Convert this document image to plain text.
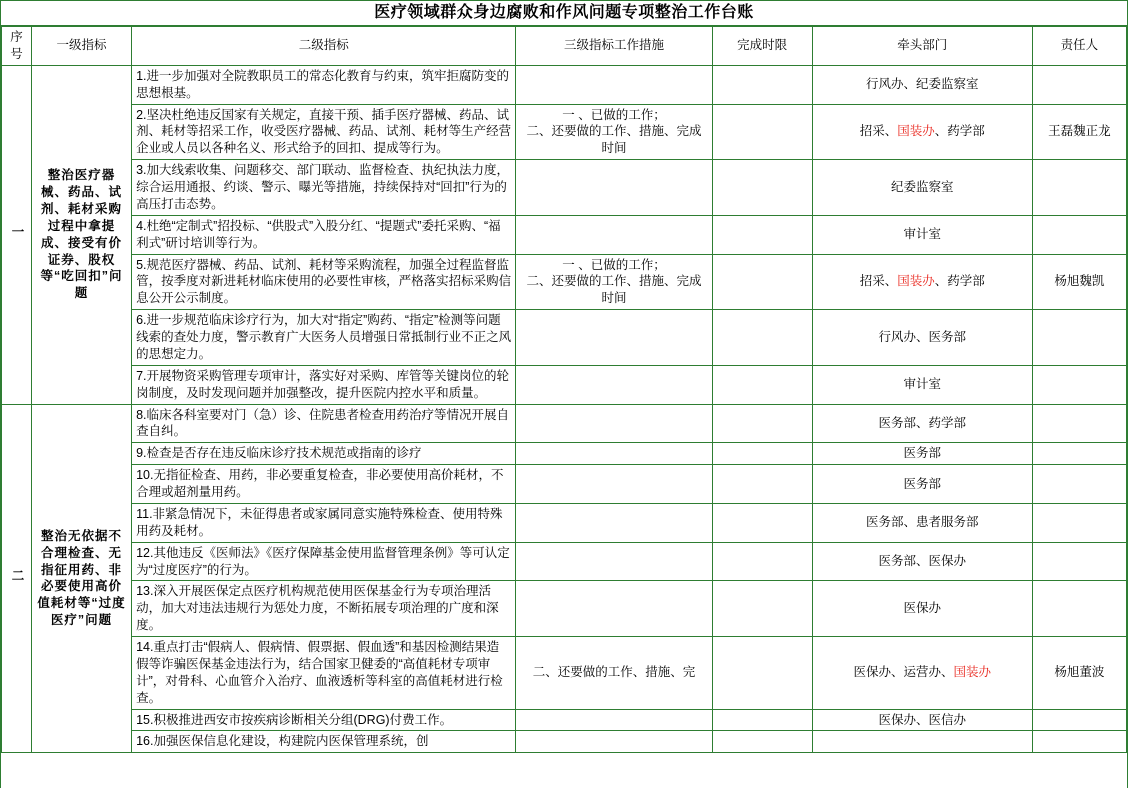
医疗领域群众身边腐败和作风问题专项整治工作台账
序号	一级指标	二级指标	三级指标工作措施	完成时限	牵头部门	责任人
一	整治医疗器械、药品、试剂、耗材采购过程中拿提成、接受有价证券、股权等“吃回扣”问题	1.进一步加强对全院教职员工的常态化教育与约束，筑牢拒腐防变的思想根基。			行风办、纪委监察室	
		2.坚决杜绝违反国家有关规定，直接干预、插手医疗器械、药品、试剂、耗材等招采工作，收受医疗器械、药品、试剂、耗材等生产经营企业或人员以各种名义、形式给予的回扣、提成等行为。	一 、已做的工作；
二、还要做的工作、措施、完成时间		招采、国装办、药学部	王磊魏正龙
		3.加大线索收集、问题移交、部门联动、监督检查、执纪执法力度，综合运用通报、约谈、警示、曝光等措施，持续保持对“回扣”行为的高压打击态势。			纪委监察室	
		4.杜绝“定制式”招投标、“供股式”入股分红、“提题式”委托采购、“福利式”研讨培训等行为。			审计室	
		5.规范医疗器械、药品、试剂、耗材等采购流程，加强全过程监督监管，按季度对新进耗材临床使用的必要性审核，严格落实招标采购信息公开公示制度。	一 、已做的工作；
二、还要做的工作、措施、完成时间		招采、国装办、药学部	杨旭魏凯
		6.进一步规范临床诊疗行为，加大对“指定”购药、“指定”检测等问题线索的查处力度，警示教育广大医务人员增强日常抵制行业不正之风的思想定力。			行风办、医务部	
		7.开展物资采购管理专项审计，落实好对采购、库管等关键岗位的轮岗制度，及时发现问题并加强整改，提升医院内控水平和质量。			审计室	
二	整治无依据不合理检查、无指征用药、非必要使用高价值耗材等“过度医疗”问题	8.临床各科室要对门（急）诊、住院患者检查用药治疗等情况开展自查自纠。			医务部、药学部	
		9.检查是否存在违反临床诊疗技术规范或指南的诊疗			医务部	
		10.无指征检查、用药，非必要重复检查，非必要使用高价耗材，不合理或超剂量用药。			医务部	
		11.非紧急情况下，未征得患者或家属同意实施特殊检查、使用特殊用药及耗材。			医务部、患者服务部	
		12.其他违反《医师法》《医疗保障基金使用监督管理条例》等可认定为“过度医疗”的行为。			医务部、医保办	
		13.深入开展医保定点医疗机构规范使用医保基金行为专项治理活动，加大对违法违规行为惩处力度，不断拓展专项治理的广度和深度。			医保办	
		14.重点打击“假病人、假病情、假票据、假血透”和基因检测结果造假等诈骗医保基金违法行为，结合国家卫健委的“高值耗材专项审计”，对骨科、心血管介入治疗、血液透析等科室的高值耗材进行检查。	二、还要做的工作、措施、完		医保办、运营办、国装办	杨旭董波
		15.积极推进西安市按疾病诊断相关分组(DRG)付费工作。			医保办、医信办	
		16.加强医保信息化建设，构建院内医保管理系统，创				
